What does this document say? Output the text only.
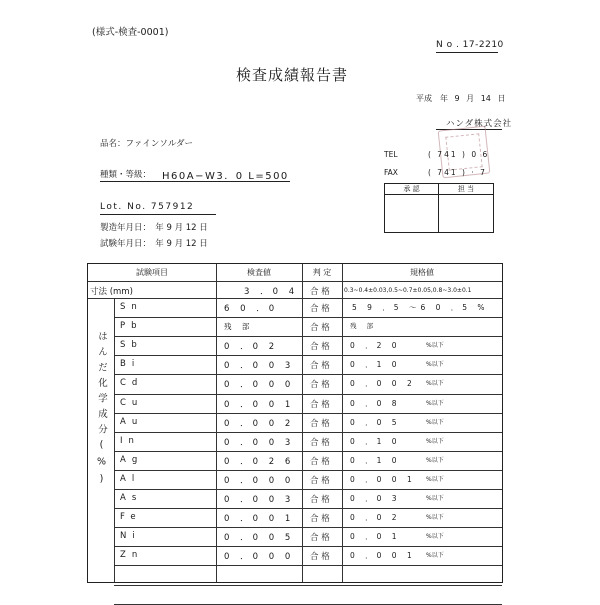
(様式-検査-0001)
N o . 17-2210
検査成績報告書
平成　年 9 月 14 日
ハンダ株式会社
TEL	( 741 ) 0 6
FAX	( 741 ) · 7
承 認	担 当
品名：ファインソルダー
種類・等級： H60A−W3．0 L=500
Lot. No. 757912
製造年月日：　年 9 月 12 日
試験年月日：　年 9 月 12 日
試験項目	検査値	判 定	規格値
寸法 (mm)	3 ．0 4 合 格 0.3~0.4±0.03,0.5~0.7±0.05,0.8~3.0±0.1
はんだ化学成分(%)
Sn	6 0 ．0	合 格	5 9 ．5 ～6 0 ．5 %
Pb	残 部	合 格	残 部
Sb	0 ．0 2	合 格	0 ．2 0	%以下
Bi	0 ．0 0 3 合 格	0 ．1 0	%以下
Cd	0 ．0 0 0 合 格	0 ．0 0 2 %以下
Cu	0 ．0 0 1 合 格	0 ．0 8	%以下
Au	0 ．0 0 2 合 格	0 ．0 5	%以下
In	0 ．0 0 3 合 格	0 ．1 0	%以下
Ag	0 ．0 2 6 合 格	0 ．1 0	%以下
Al	0 ．0 0 0 合 格	0 ．0 0 1 %以下
As	0 ．0 0 3 合 格	0 ．0 3	%以下
Fe	0 ．0 0 1 合 格	0 ．0 2	%以下
Ni	0 ．0 0 5 合 格	0 ．0 1	%以下
Zn	0 ．0 0 0 合 格	0 ．0 0 1 %以下
